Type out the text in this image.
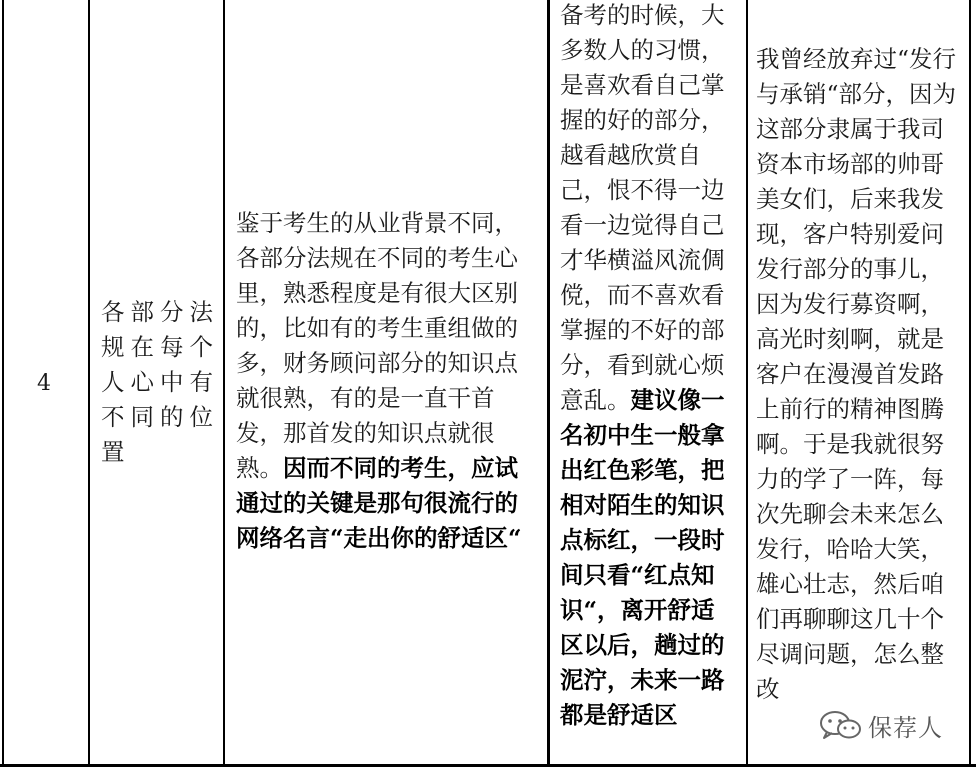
4
各部分法规在每个人心中有不同的位置
鉴于考生的从业背景不同，各部分法规在不同的考生心里，熟悉程度是有很大区别的，比如有的考生重组做的多，财务顾问部分的知识点就很熟，有的是一直干首发，那首发的知识点就很熟。因而不同的考生，应试通过的关键是那句很流行的网络名言“走出你的舒适区“
备考的时候，大多数人的习惯，是喜欢看自己掌握的好的部分，越看越欣赏自己，恨不得一边看一边觉得自己才华横溢风流倜傥，而不喜欢看掌握的不好的部分，看到就心烦意乱。建议像一名初中生一般拿出红色彩笔，把相对陌生的知识点标红，一段时间只看“红点知识“，离开舒适区以后，趟过的泥泞，未来一路都是舒适区
我曾经放弃过“发行与承销“部分，因为这部分隶属于我司资本市场部的帅哥美女们，后来我发现，客户特别爱问发行部分的事儿，因为发行募资啊，高光时刻啊，就是客户在漫漫首发路上前行的精神图腾啊。于是我就很努力的学了一阵，每次先聊会未来怎么发行，哈哈大笑，雄心壮志，然后咱们再聊聊这几十个尽调问题，怎么整改
保荐人
